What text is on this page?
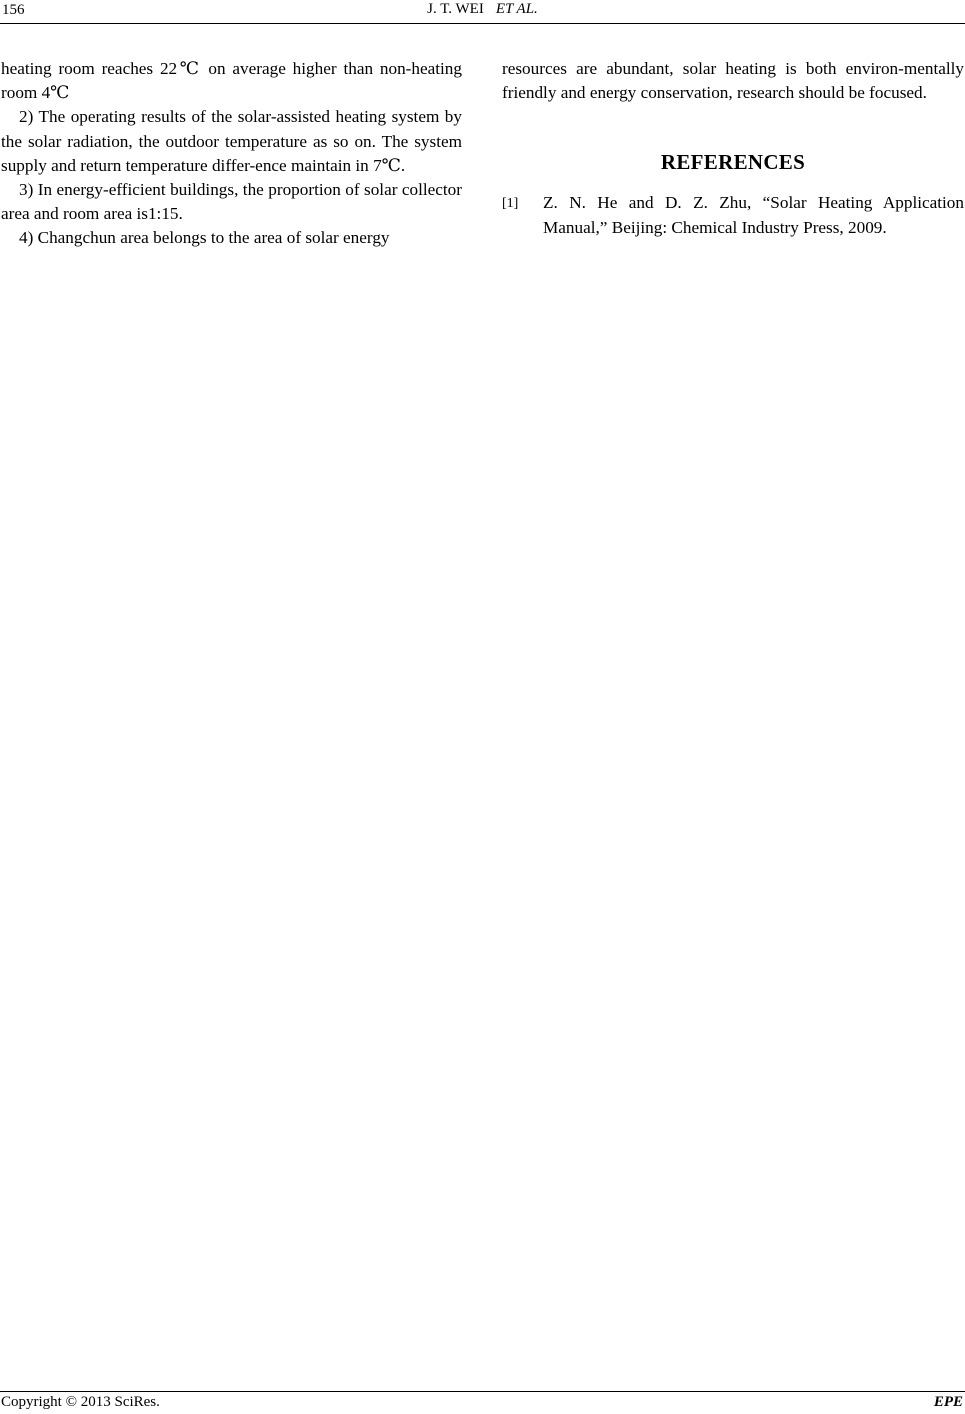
156	J. T. WEI ET AL.

heating room reaches 22℃ on average higher than non-heating room 4℃

2) The operating results of the solar-assisted heating system by the solar radiation, the outdoor temperature as so on. The system supply and return temperature differ-ence maintain in 7℃.

3) In energy-efficient buildings, the proportion of solar collector area and room area is1:15.

4) Changchun area belongs to the area of solar energy

resources are abundant, solar heating is both environ-mentally friendly and energy conservation, research should be focused.

REFERENCES
[1] Z. N. He and D. Z. Zhu, “Solar Heating Application Manual,” Beijing: Chemical Industry Press, 2009.
Copyright © 2013 SciRes.	EPE
